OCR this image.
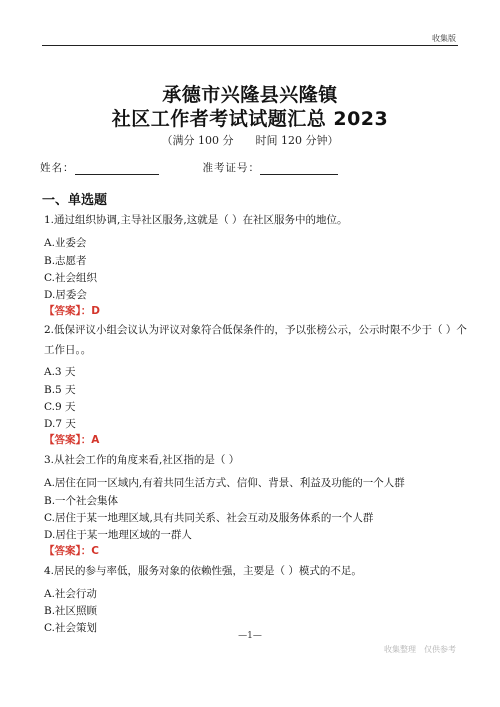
收集版
承德市兴隆县兴隆镇
社区工作者考试试题汇总 2023
（满分 100 分　　时间 120 分钟）
姓名：	准考证号：
一、单选题
1.通过组织协调,主导社区服务,这就是（ ）在社区服务中的地位。
A.业委会
B.志愿者
C.社会组织
D.居委会
【答案】：D
2.低保评议小组会议认为评议对象符合低保条件的，予以张榜公示，公示时限不少于（ ）个
工作日。。
A.3 天
B.5 天
C.9 天
D.7 天
【答案】：A
3.从社会工作的角度来看,社区指的是（ ）
A.居住在同一区域内,有着共同生活方式、信仰、背景、利益及功能的一个人群
B.一个社会集体
C.居住于某一地理区域,具有共同关系、社会互动及服务体系的一个人群
D.居住于某一地理区域的一群人
【答案】：C
4.居民的参与率低，服务对象的依赖性强，主要是（ ）模式的不足。
A.社会行动
B.社区照顾
C.社会策划
—1—
收集整理　仅供参考
